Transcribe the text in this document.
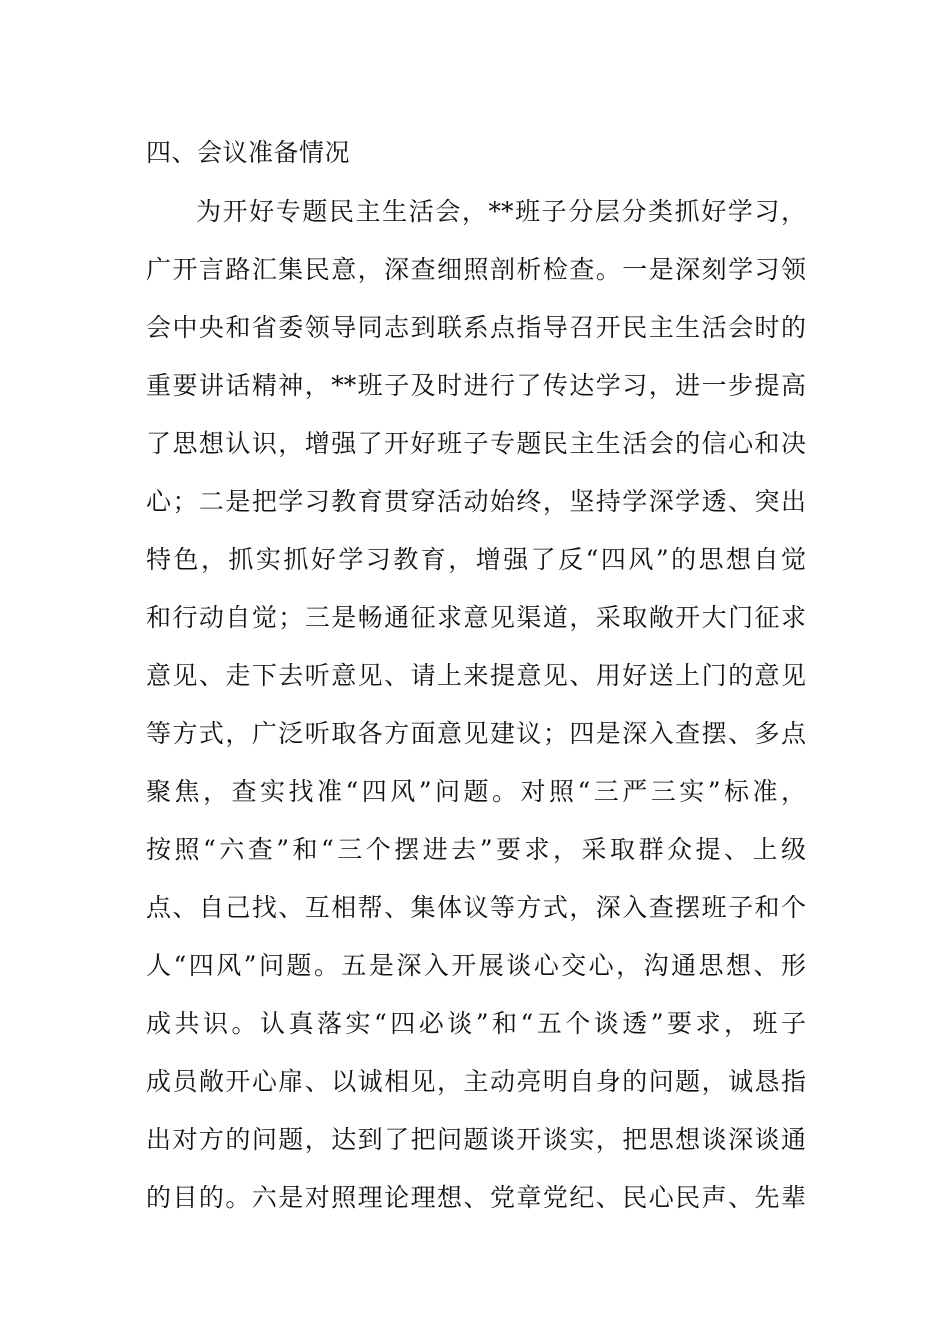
四、会议准备情况
为开好专题民主生活会，**班子分层分类抓好学习，
广开言路汇集民意，深查细照剖析检查。一是深刻学习领
会中央和省委领导同志到联系点指导召开民主生活会时的
重要讲话精神，**班子及时进行了传达学习，进一步提高
了思想认识，增强了开好班子专题民主生活会的信心和决
心；二是把学习教育贯穿活动始终，坚持学深学透、突出
特色，抓实抓好学习教育，增强了反“四风”的思想自觉
和行动自觉；三是畅通征求意见渠道，采取敞开大门征求
意见、走下去听意见、请上来提意见、用好送上门的意见
等方式，广泛听取各方面意见建议；四是深入查摆、多点
聚焦，查实找准“四风”问题。对照“三严三实”标准，
按照“六查”和“三个摆进去”要求，采取群众提、上级
点、自己找、互相帮、集体议等方式，深入查摆班子和个
人“四风”问题。五是深入开展谈心交心，沟通思想、形
成共识。认真落实“四必谈”和“五个谈透”要求，班子
成员敞开心扉、以诚相见，主动亮明自身的问题，诚恳指
出对方的问题，达到了把问题谈开谈实，把思想谈深谈通
的目的。六是对照理论理想、党章党纪、民心民声、先辈
